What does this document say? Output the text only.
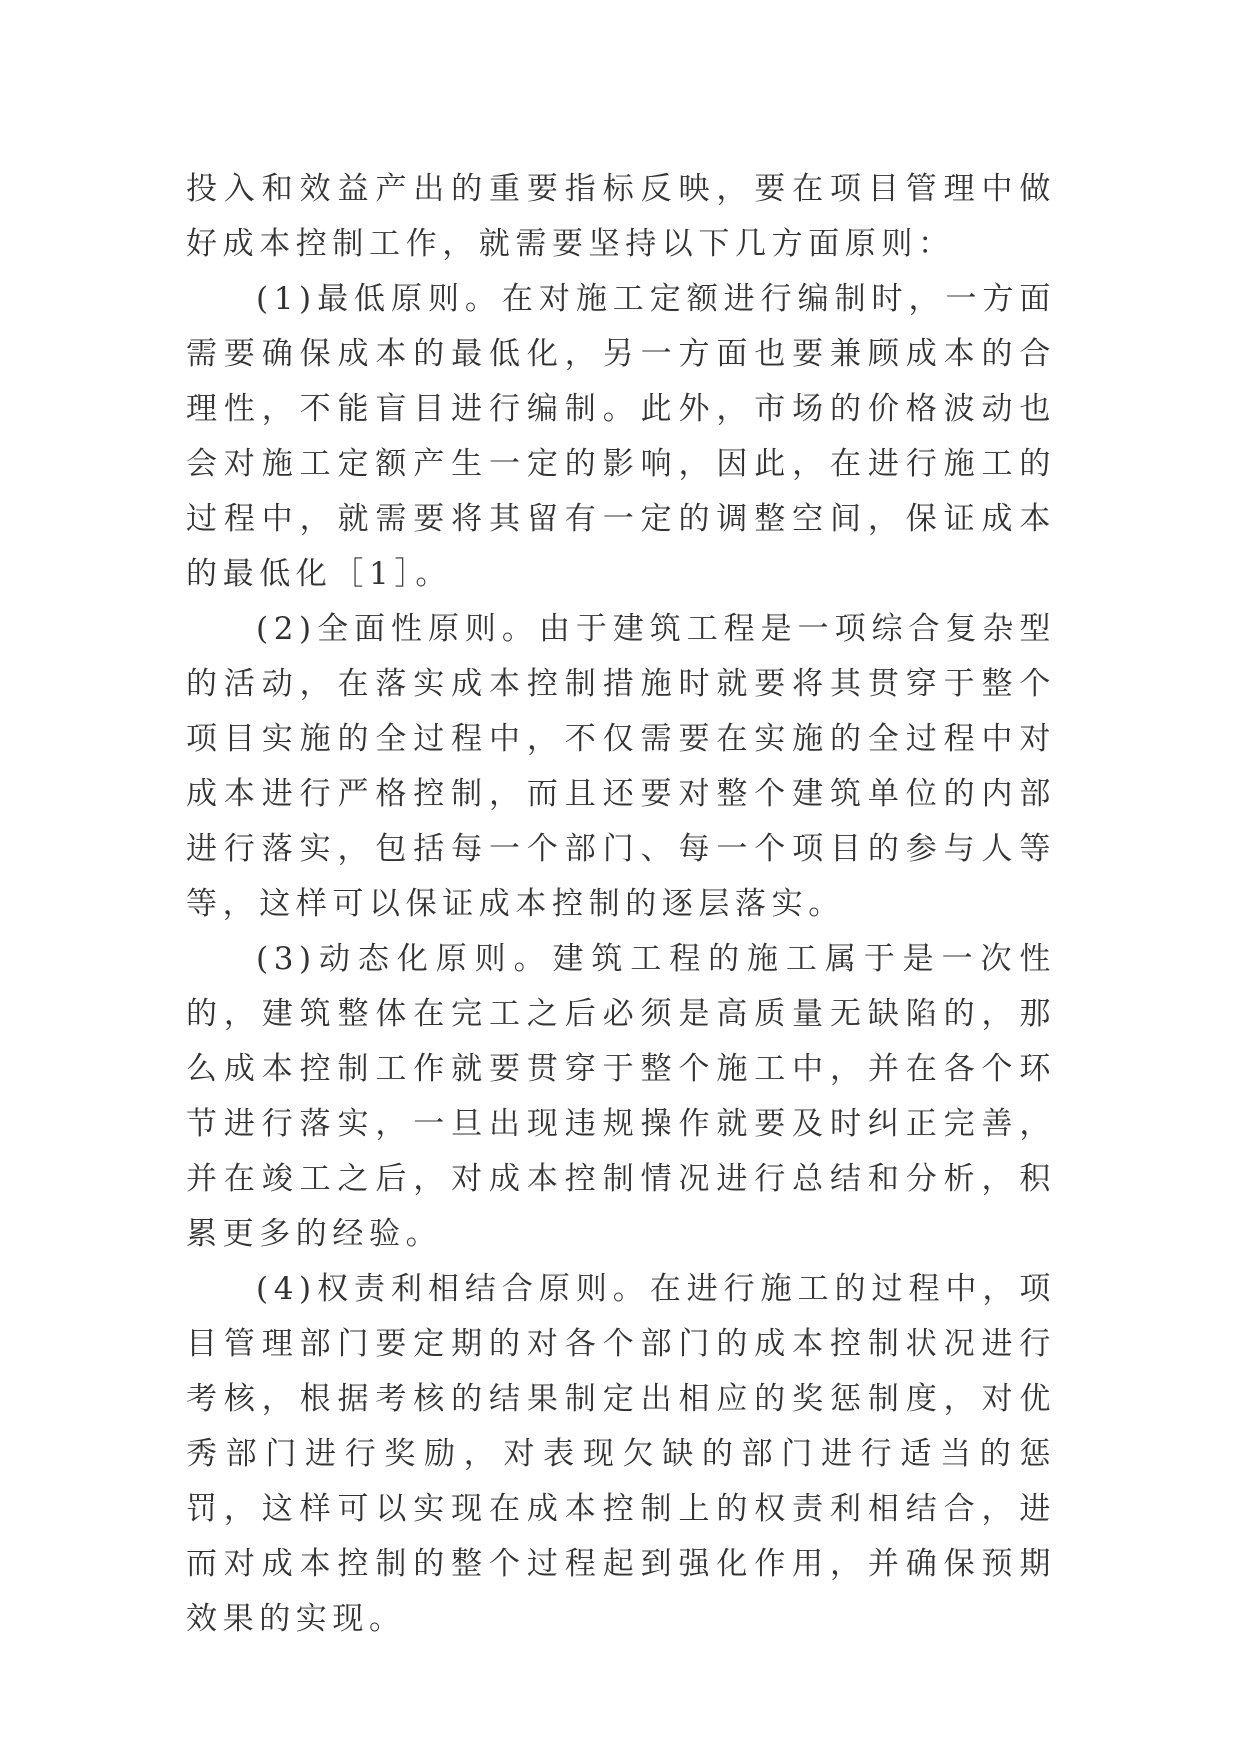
投入和效益产出的重要指标反映，要在项目管理中做好成本控制工作，就需要坚持以下几方面原则：

(1)最低原则。在对施工定额进行编制时，一方面需要确保成本的最低化，另一方面也要兼顾成本的合理性，不能盲目进行编制。此外，市场的价格波动也会对施工定额产生一定的影响，因此，在进行施工的过程中，就需要将其留有一定的调整空间，保证成本的最低化［1］。

(2)全面性原则。由于建筑工程是一项综合复杂型的活动，在落实成本控制措施时就要将其贯穿于整个项目实施的全过程中，不仅需要在实施的全过程中对成本进行严格控制，而且还要对整个建筑单位的内部进行落实，包括每一个部门、每一个项目的参与人等等，这样可以保证成本控制的逐层落实。

(3)动态化原则。建筑工程的施工属于是一次性的，建筑整体在完工之后必须是高质量无缺陷的，那么成本控制工作就要贯穿于整个施工中，并在各个环节进行落实，一旦出现违规操作就要及时纠正完善，并在竣工之后，对成本控制情况进行总结和分析，积累更多的经验。

(4)权责利相结合原则。在进行施工的过程中，项目管理部门要定期的对各个部门的成本控制状况进行考核，根据考核的结果制定出相应的奖惩制度，对优秀部门进行奖励，对表现欠缺的部门进行适当的惩罚，这样可以实现在成本控制上的权责利相结合，进而对成本控制的整个过程起到强化作用，并确保预期效果的实现。
